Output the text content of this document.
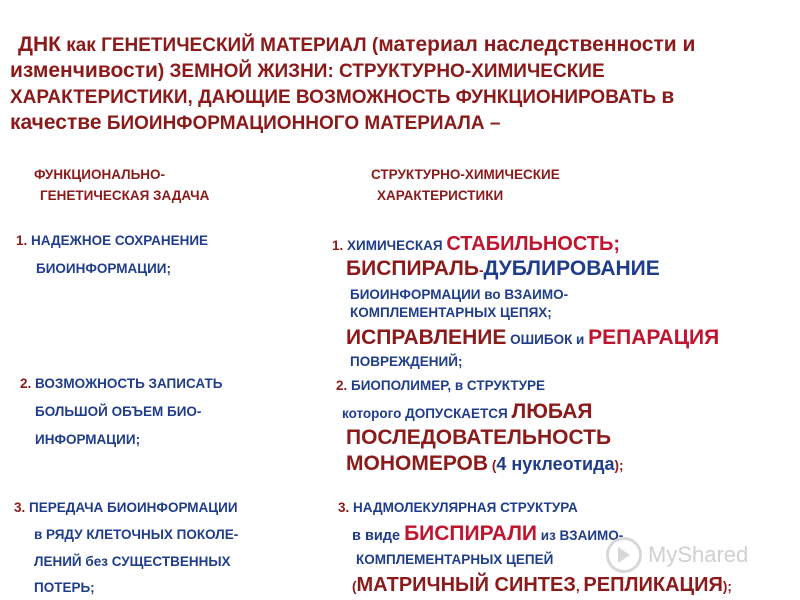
ДНК как ГЕНЕТИЧЕСКИЙ МАТЕРИАЛ (материал наследственности и
изменчивости) ЗЕМНОЙ ЖИЗНИ: СТРУКТУРНО-ХИМИЧЕСКИЕ
ХАРАКТЕРИСТИКИ, ДАЮЩИЕ ВОЗМОЖНОСТЬ ФУНКЦИОНИРОВАТЬ в
качестве БИОИНФОРМАЦИОННОГО МАТЕРИАЛА –
ФУНКЦИОНАЛЬНО-
ГЕНЕТИЧЕСКАЯ ЗАДАЧА
СТРУКТУРНО-ХИМИЧЕСКИЕ
ХАРАКТЕРИСТИКИ
1. НАДЕЖНОЕ СОХРАНЕНИЕ
БИОИНФОРМАЦИИ;
2. ВОЗМОЖНОСТЬ ЗАПИСАТЬ
БОЛЬШОЙ ОБЪЕМ БИО-
ИНФОРМАЦИИ;
3. ПЕРЕДАЧА БИОИНФОРМАЦИИ
в РЯДУ КЛЕТОЧНЫХ ПОКОЛЕ-
ЛЕНИЙ без СУЩЕСТВЕННЫХ
ПОТЕРЬ;
1. ХИМИЧЕСКАЯ СТАБИЛЬНОСТЬ;
БИСПИРАЛЬ-ДУБЛИРОВАНИЕ
БИОИНФОРМАЦИИ во ВЗАИМО-
КОМПЛЕМЕНТАРНЫХ ЦЕПЯХ;
ИСПРАВЛЕНИЕ ОШИБОК и РЕПАРАЦИЯ
ПОВРЕЖДЕНИЙ;
2. БИОПОЛИМЕР, в СТРУКТУРЕ
которого ДОПУСКАЕТСЯ ЛЮБАЯ
ПОСЛЕДОВАТЕЛЬНОСТЬ
МОНОМЕРОВ (4 нуклеотида);
3. НАДМОЛЕКУЛЯРНАЯ СТРУКТУРА
в виде БИСПИРАЛИ из ВЗАИМО-
КОМПЛЕМЕНТАРНЫХ ЦЕПЕЙ
(МАТРИЧНЫЙ СИНТЕЗ, РЕПЛИКАЦИЯ);
MyShared
